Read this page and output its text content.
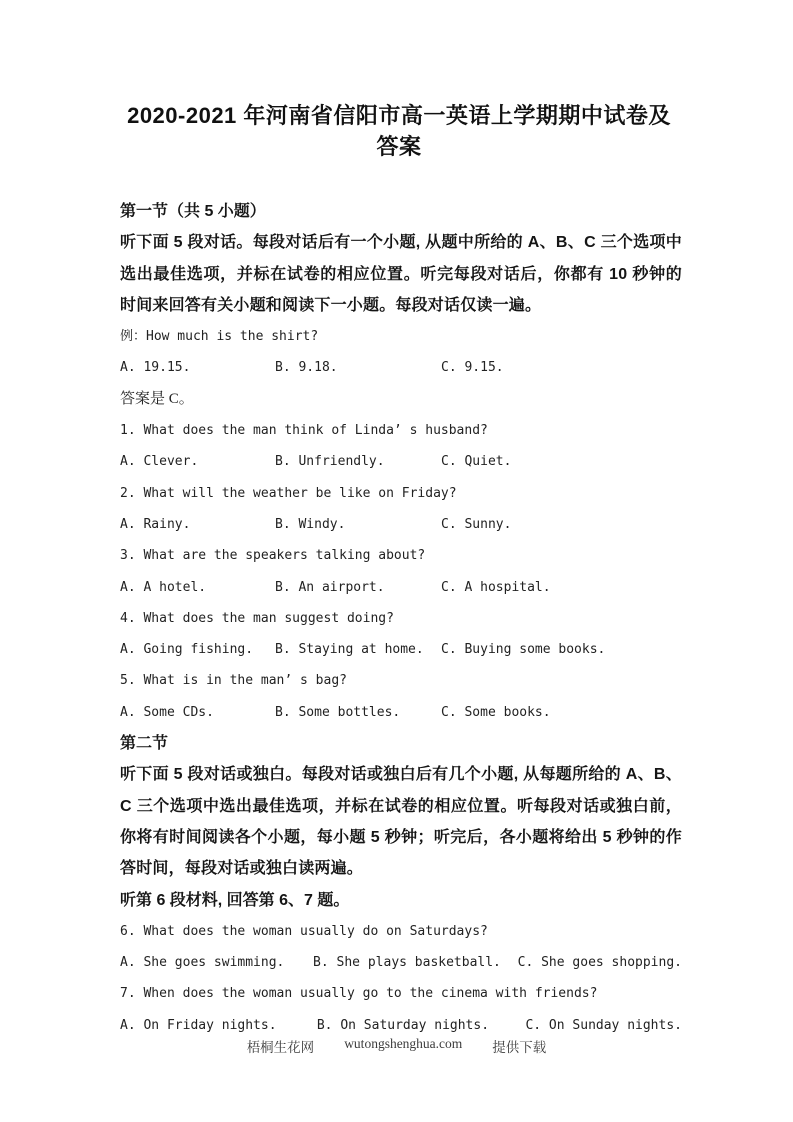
2020-2021 年河南省信阳市高一英语上学期期中试卷及答案
第一节（共 5 小题）
听下面 5 段对话。每段对话后有一个小题, 从题中所给的 A、B、C 三个选项中选出最佳选项，并标在试卷的相应位置。听完每段对话后，你都有 10 秒钟的时间来回答有关小题和阅读下一小题。每段对话仅读一遍。
例：How much is the shirt?
A. 19.15.	B. 9.18.	C. 9.15.
答案是 C。
1. What does the man think of Linda’ s husband?
A. Clever.	B. Unfriendly.	C. Quiet.
2. What will the weather be like on Friday?
A. Rainy.	B. Windy.	C. Sunny.
3. What are the speakers talking about?
A. A hotel.	B. An airport.	C. A hospital.
4. What does the man suggest doing?
A. Going fishing.	B. Staying at home.	C. Buying some books.
5. What is in the man’ s bag?
A. Some CDs.	B. Some bottles.	C. Some books.
第二节
听下面 5 段对话或独白。每段对话或独白后有几个小题, 从每题所给的 A、B、C 三个选项中选出最佳选项，并标在试卷的相应位置。听每段对话或独白前，你将有时间阅读各个小题，每小题 5 秒钟；听完后，各小题将给出 5 秒钟的作答时间，每段对话或独白读两遍。
听第 6 段材料, 回答第 6、7 题。
6. What does the woman usually do on Saturdays?
A. She goes swimming.	B. She plays basketball.	C. She goes shopping.
7. When does the woman usually go to the cinema with friends?
A. On Friday nights.	B. On Saturday nights.	C. On Sunday nights.
梧桐生花网 wutongshenghua.com 提供下载
